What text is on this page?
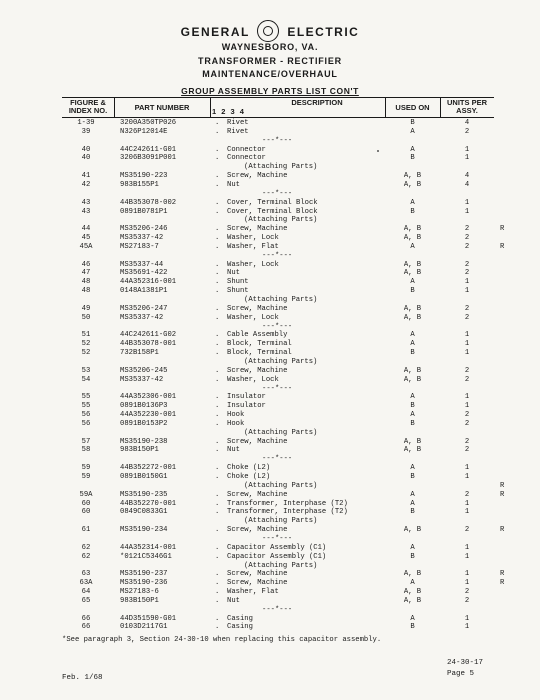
GENERAL	ELECTRIC
WAYNESBORO, VA.
TRANSFORMER - RECTIFIER
MAINTENANCE/OVERHAUL
GROUP ASSEMBLY PARTS LIST CON'T
FIGURE &
INDEX NO.	PART NUMBER
DESCRIPTION
1 2 3 4	USED ON
UNITS PER
ASSY.
1-39	3200A350TP026	. Rivet	B	4
39	N326P12014E	. Rivet	A	2
---*---
40	44C242611-G01	. Connector	A	1
40	3206B3091P001	. Connector	B	1
(Attaching Parts)
41	MS35190-223	. Screw, Machine	A, B	4
42	983B155P1	. Nut	A, B	4
---*---
43	44B353078-002	. Cover, Terminal Block	A	1
43	0891B0781P1	. Cover, Terminal Block	B	1
(Attaching Parts)
44	MS35206-246	. Screw, Machine	A, B	2	R
45	MS35337-42	. Washer, Lock	A, B	2
45A	MS27183-7	. Washer, Flat	A	2	R
---*---
46	MS35337-44	. Washer, Lock	A, B	2
47	MS35691-422	. Nut	A, B	2
48	44A352316-001	. Shunt	A	1
48	0148A1381P1	. Shunt	B	1
(Attaching Parts)
49	MS35206-247	. Screw, Machine	A, B	2
50	MS35337-42	. Washer, Lock	A, B	2
---*---
51	44C242611-G02	. Cable Assembly	A	1
52	44B353078-001	. Block, Terminal	A	1
52	732B158P1	. Block, Terminal	B	1
(Attaching Parts)
53	MS35206-245	. Screw, Machine	A, B	2
54	MS35337-42	. Washer, Lock	A, B	2
---*---
55	44A352306-001	. Insulator	A	1
55	0891B0136P3	. Insulator	B	1
56	44A352230-001	. Hook	A	2
56	0891B0153P2	. Hook	B	2
(Attaching Parts)
57	MS35190-238	. Screw, Machine	A, B	2
58	983B150P1	. Nut	A, B	2
---*---
59	44B352272-001	. Choke (L2)	A	1
59	0891B0150G1	. Choke (L2)	B	1
(Attaching Parts)	R
59A	MS35190-235	. Screw, Machine	A	2	R
60	44B352270-001	. Transformer, Interphase (T2)	A	1
60	0849C0833G1	. Transformer, Interphase (T2)	B	1
(Attaching Parts)
61	MS35190-234	. Screw, Machine	A, B	2	R
---*---
62	44A352314-001	. Capacitor Assembly (C1)	A	1
62	*0121C5346G1	. Capacitor Assembly (C1)	B	1
(Attaching Parts)
63	MS35190-237	. Screw, Machine	A, B	1	R
63A	MS35190-236	. Screw, Machine	A	1	R
64	MS27183-6	. Washer, Flat	A, B	2
65	983B150P1	. Nut	A, B	2
---*---
66	44D351590-G01	. Casing	A	1
66	0103D2117G1	. Casing	B	1
*See paragraph 3, Section 24-30-10 when replacing this capacitor assembly.
Feb. 1/68
24-30-17
Page 5
